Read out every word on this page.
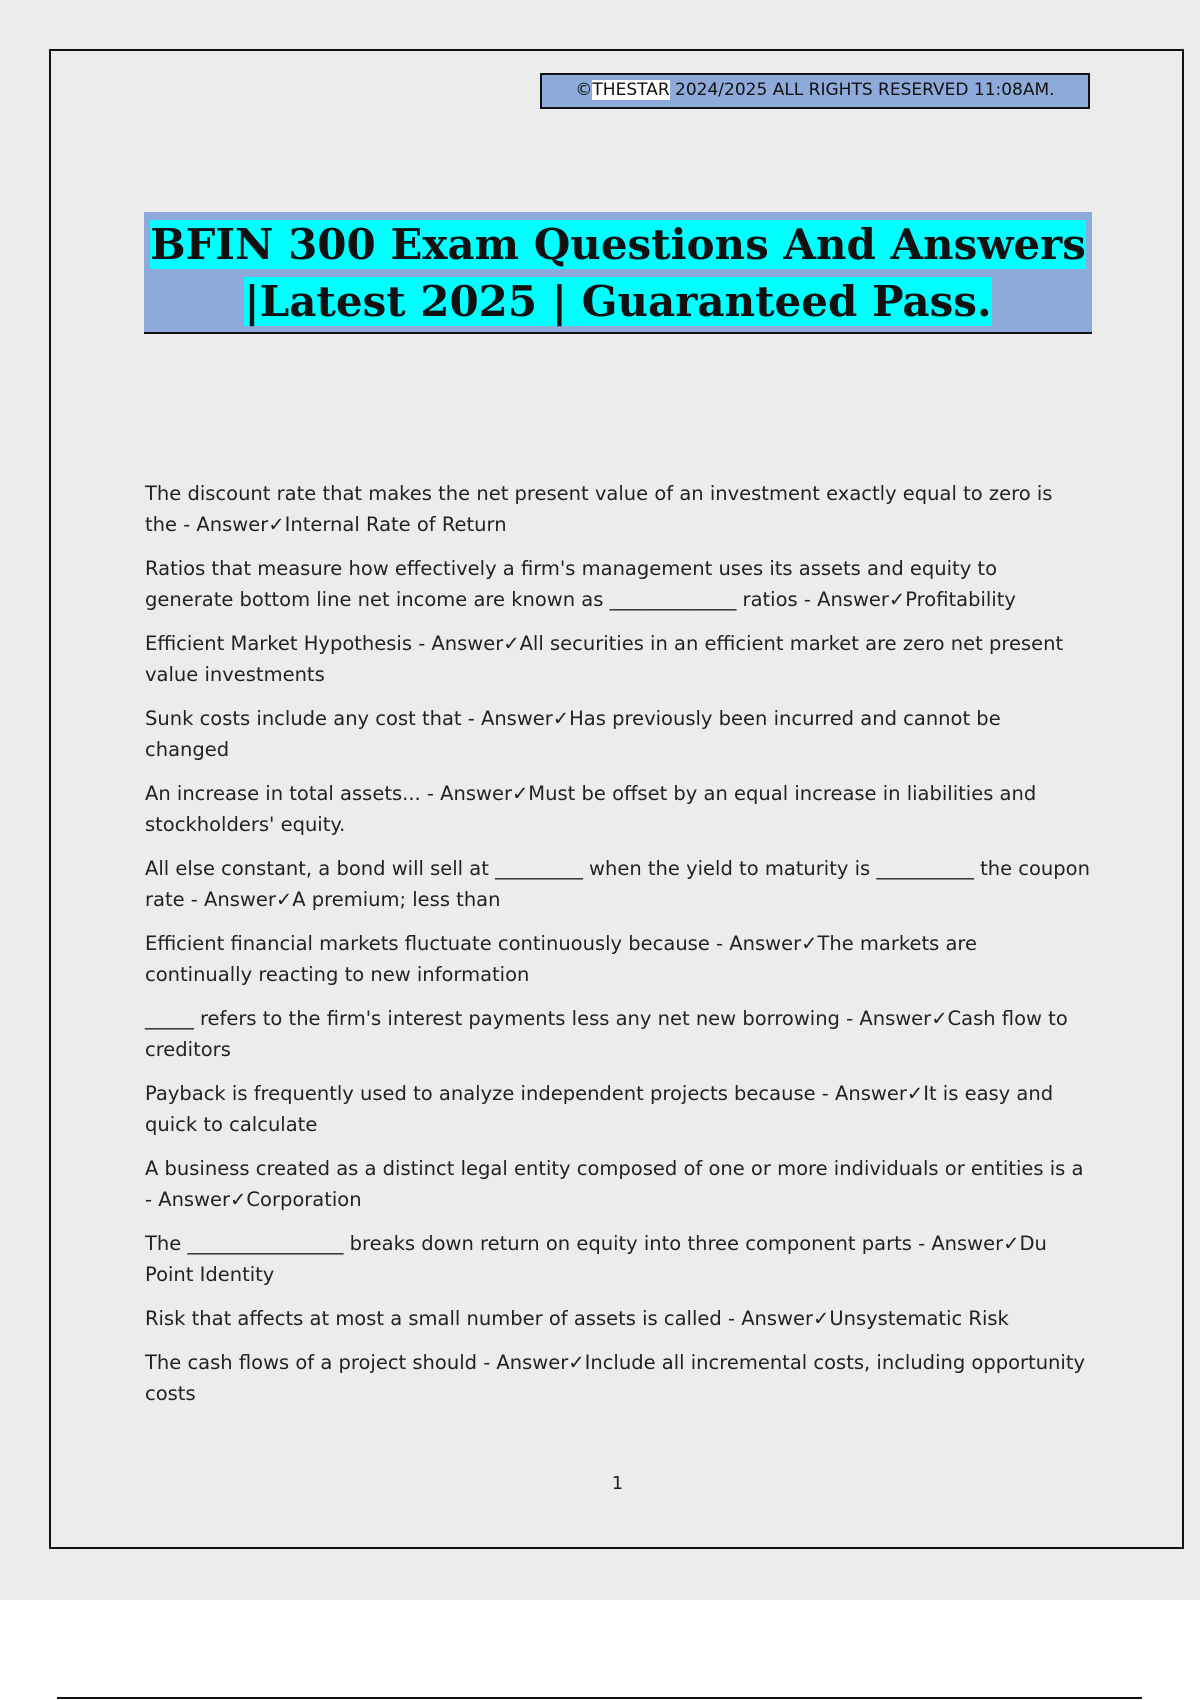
©THESTAR 2024/2025 ALL RIGHTS RESERVED 11:08AM.
BFIN 300 Exam Questions And Answers
|Latest 2025 | Guaranteed Pass.
The discount rate that makes the net present value of an investment exactly equal to zero is the - Answer✓Internal Rate of Return
Ratios that measure how effectively a firm's management uses its assets and equity to generate bottom line net income are known as _____________ ratios - Answer✓Profitability
Efficient Market Hypothesis - Answer✓All securities in an efficient market are zero net present value investments
Sunk costs include any cost that - Answer✓Has previously been incurred and cannot be changed
An increase in total assets... - Answer✓Must be offset by an equal increase in liabilities and stockholders' equity.
All else constant, a bond will sell at _________ when the yield to maturity is __________ the coupon rate - Answer✓A premium; less than
Efficient financial markets fluctuate continuously because - Answer✓The markets are continually reacting to new information
_____ refers to the firm's interest payments less any net new borrowing - Answer✓Cash flow to creditors
Payback is frequently used to analyze independent projects because - Answer✓It is easy and quick to calculate
A business created as a distinct legal entity composed of one or more individuals or entities is a - Answer✓Corporation
The ________________ breaks down return on equity into three component parts - Answer✓Du Point Identity
Risk that affects at most a small number of assets is called - Answer✓Unsystematic Risk
The cash flows of a project should - Answer✓Include all incremental costs, including opportunity costs
1
